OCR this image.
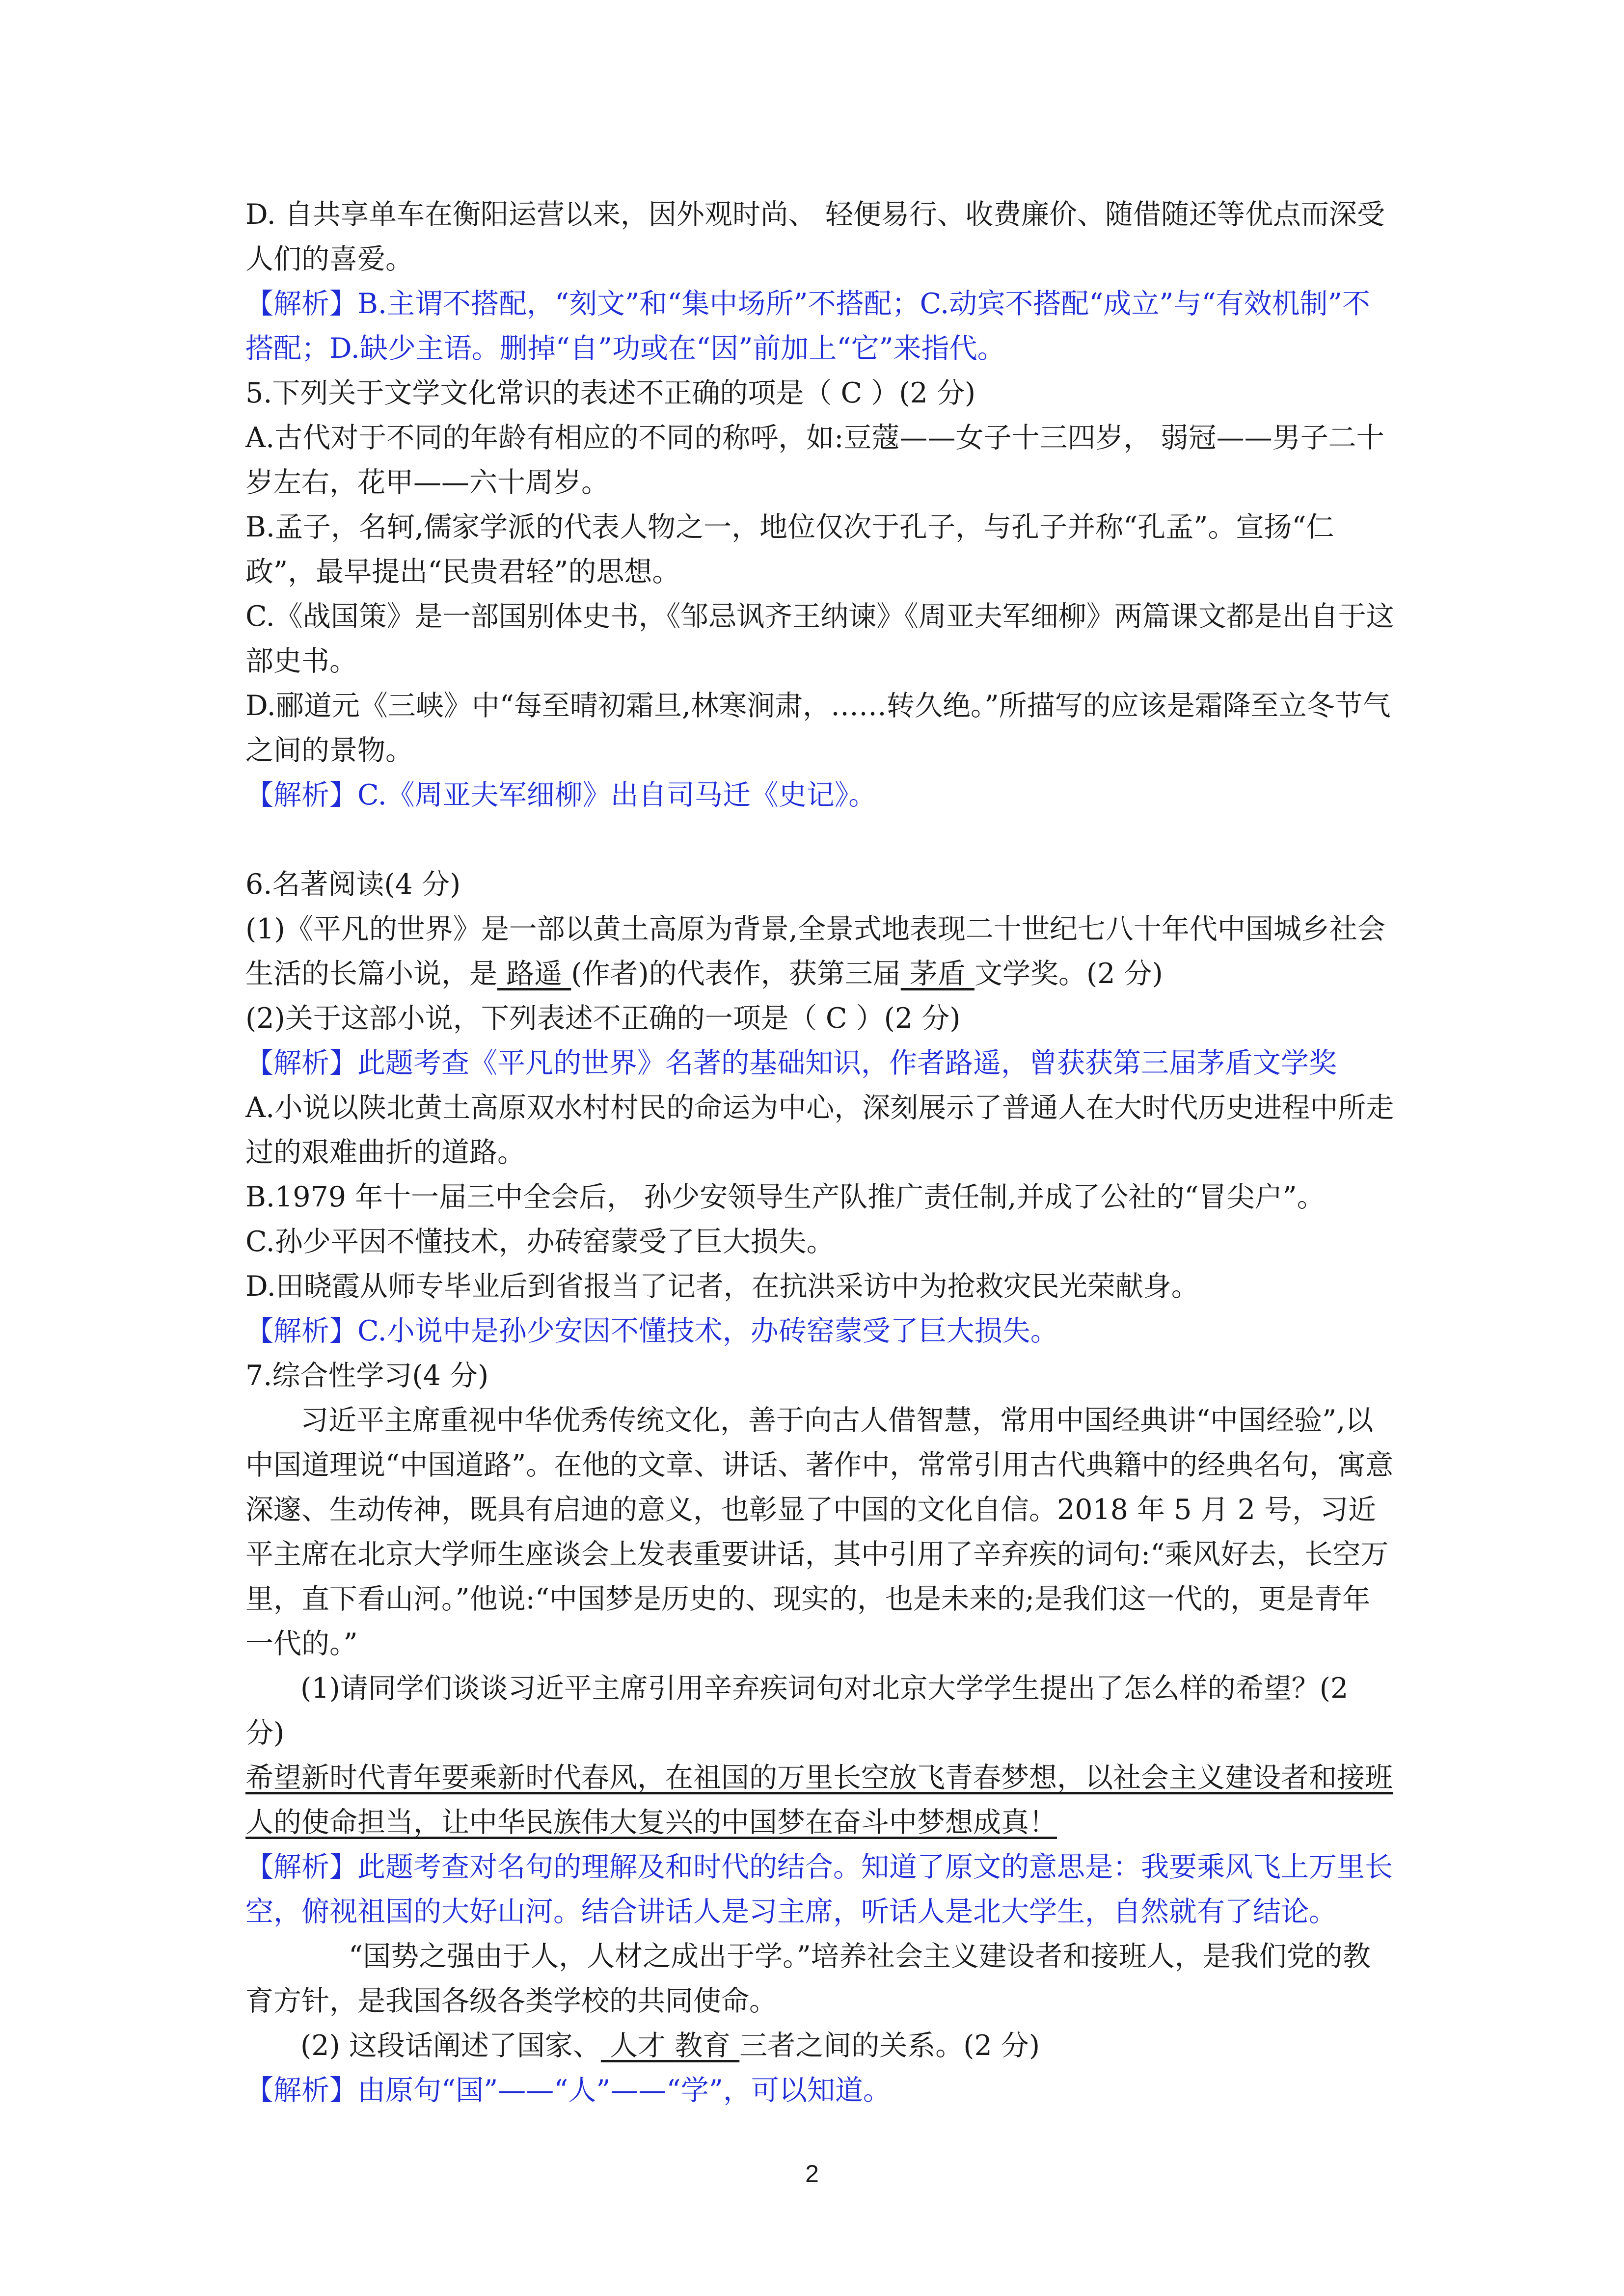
D. 自共享单车在衡阳运营以来，因外观时尚、 轻便易行、收费廉价、随借随还等优点而深受人们的喜爱。

【解析】B.主谓不搭配，“刻文”和“集中场所”不搭配；C.动宾不搭配“成立”与“有效机制”不搭配；D.缺少主语。删掉“自”功或在“因”前加上“它”来指代。

5.下列关于文学文化常识的表述不正确的项是（ C ）(2 分)

A.古代对于不同的年龄有相应的不同的称呼，如:豆蔻——女子十三四岁， 弱冠——男子二十岁左右，花甲——六十周岁。

B.孟子，名轲,儒家学派的代表人物之一，地位仅次于孔子，与孔子并称“孔孟”。宣扬“仁政”，最早提出“民贵君轻”的思想。

C.《战国策》是一部国别体史书，《邹忌讽齐王纳谏》《周亚夫军细柳》两篇课文都是出自于这部史书。

D.郦道元《三峡》中“每至晴初霜旦,林寒涧肃，……转久绝。”所描写的应该是霜降至立冬节气之间的景物。

【解析】C.《周亚夫军细柳》出自司马迁《史记》。

6.名著阅读(4 分)

(1)《平凡的世界》是一部以黄土高原为背景,全景式地表现二十世纪七八十年代中国城乡社会生活的长篇小说，是 路遥 (作者)的代表作，获第三届 茅盾 文学奖。(2 分)

(2)关于这部小说，下列表述不正确的一项是（ C ）(2 分)

【解析】此题考查《平凡的世界》名著的基础知识，作者路遥，曾获获第三届茅盾文学奖

A.小说以陕北黄土高原双水村村民的命运为中心，深刻展示了普通人在大时代历史进程中所走过的艰难曲折的道路。

B.1979 年十一届三中全会后， 孙少安领导生产队推广责任制,并成了公社的“冒尖户”。

C.孙少平因不懂技术，办砖窑蒙受了巨大损失。

D.田晓霞从师专毕业后到省报当了记者，在抗洪采访中为抢救灾民光荣献身。

【解析】C.小说中是孙少安因不懂技术，办砖窑蒙受了巨大损失。

7.综合性学习(4 分)

习近平主席重视中华优秀传统文化，善于向古人借智慧，常用中国经典讲“中国经验”,以中国道理说“中国道路”。在他的文章、讲话、著作中，常常引用古代典籍中的经典名句，寓意深邃、生动传神，既具有启迪的意义，也彰显了中国的文化自信。2018 年 5 月 2 号，习近平主席在北京大学师生座谈会上发表重要讲话，其中引用了辛弃疾的词句:“乘风好去，长空万里，直下看山河。”他说:“中国梦是历史的、现实的，也是未来的;是我们这一代的，更是青年一代的。”

(1)请同学们谈谈习近平主席引用辛弃疾词句对北京大学学生提出了怎么样的希望？(2 分)

希望新时代青年要乘新时代春风，在祖国的万里长空放飞青春梦想，以社会主义建设者和接班人的使命担当，让中华民族伟大复兴的中国梦在奋斗中梦想成真！

【解析】此题考查对名句的理解及和时代的结合。知道了原文的意思是：我要乘风飞上万里长空，俯视祖国的大好山河。结合讲话人是习主席，听话人是北大学生，自然就有了结论。

“国势之强由于人，人材之成出于学。”培养社会主义建设者和接班人，是我们党的教育方针，是我国各级各类学校的共同使命。

(2) 这段话阐述了国家、 人才 教育 三者之间的关系。(2 分)

【解析】由原句“国”——“人”——“学”，可以知道。

2
